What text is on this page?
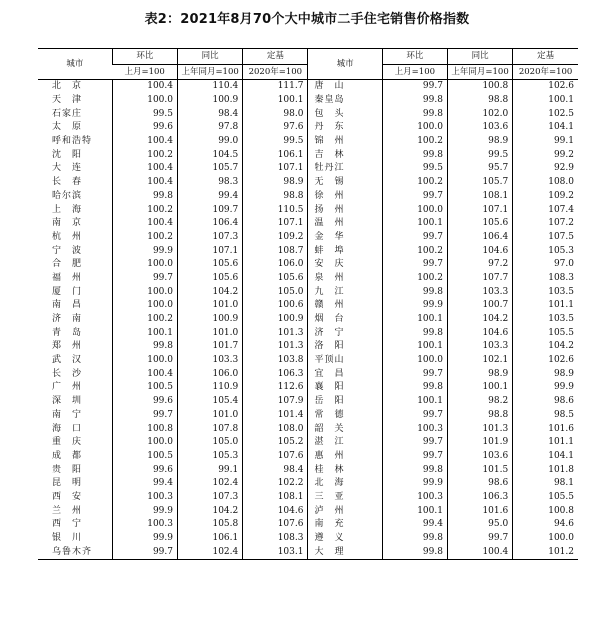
表2：2021年8月70个大中城市二手住宅销售价格指数
城市	环比	同比	定基	城市	环比	同比	定基
	上月=100	上年同月=100	2020年=100		上月=100	上年同月=100	2020年=100
北　京	100.4	110.4	111.7	唐　山	99.7	100.8	102.6
天　津	100.0	100.9	100.1	秦皇岛	99.8	98.8	100.1
石家庄	99.5	98.4	98.0	包　头	99.8	102.0	102.5
太　原	99.6	97.8	97.6	丹　东	100.0	103.6	104.1
呼和浩特	100.4	99.0	99.5	锦　州	100.2	98.9	99.1
沈　阳	100.2	104.5	106.1	吉　林	99.8	99.5	99.2
大　连	100.4	105.7	107.1	牡丹江	99.5	95.7	92.9
长　春	100.4	98.3	98.9	无　锡	100.2	105.7	108.0
哈尔滨	99.8	99.4	98.8	徐　州	99.7	108.1	109.2
上　海	100.2	109.7	110.5	扬　州	100.0	107.1	107.4
南　京	100.4	106.4	107.1	温　州	100.1	105.6	107.2
杭　州	100.2	107.3	109.2	金　华	99.7	106.4	107.5
宁　波	99.9	107.1	108.7	蚌　埠	100.2	104.6	105.3
合　肥	100.0	105.6	106.0	安　庆	99.7	97.2	97.0
福　州	99.7	105.6	105.6	泉　州	100.2	107.7	108.3
厦　门	100.0	104.2	105.0	九　江	99.8	103.3	103.5
南　昌	100.0	101.0	100.6	赣　州	99.9	100.7	101.1
济　南	100.2	100.9	100.9	烟　台	100.1	104.2	103.5
青　岛	100.1	101.0	101.3	济　宁	99.8	104.6	105.5
郑　州	99.8	101.7	101.3	洛　阳	100.1	103.3	104.2
武　汉	100.0	103.3	103.8	平顶山	100.0	102.1	102.6
长　沙	100.4	106.0	106.3	宜　昌	99.7	98.9	98.9
广　州	100.5	110.9	112.6	襄　阳	99.8	100.1	99.9
深　圳	99.6	105.4	107.9	岳　阳	100.1	98.2	98.6
南　宁	99.7	101.0	101.4	常　德	99.7	98.8	98.5
海　口	100.8	107.8	108.0	韶　关	100.3	101.3	101.6
重　庆	100.0	105.0	105.2	湛　江	99.7	101.9	101.1
成　都	100.5	105.3	107.6	惠　州	99.7	103.6	104.1
贵　阳	99.6	99.1	98.4	桂　林	99.8	101.5	101.8
昆　明	99.4	102.4	102.2	北　海	99.9	98.6	98.1
西　安	100.3	107.3	108.1	三　亚	100.3	106.3	105.5
兰　州	99.9	104.2	104.6	泸　州	100.1	101.6	100.8
西　宁	100.3	105.8	107.6	南　充	99.4	95.0	94.6
银　川	99.9	106.1	108.3	遵　义	99.8	99.7	100.0
乌鲁木齐	99.7	102.4	103.1	大　理	99.8	100.4	101.2
